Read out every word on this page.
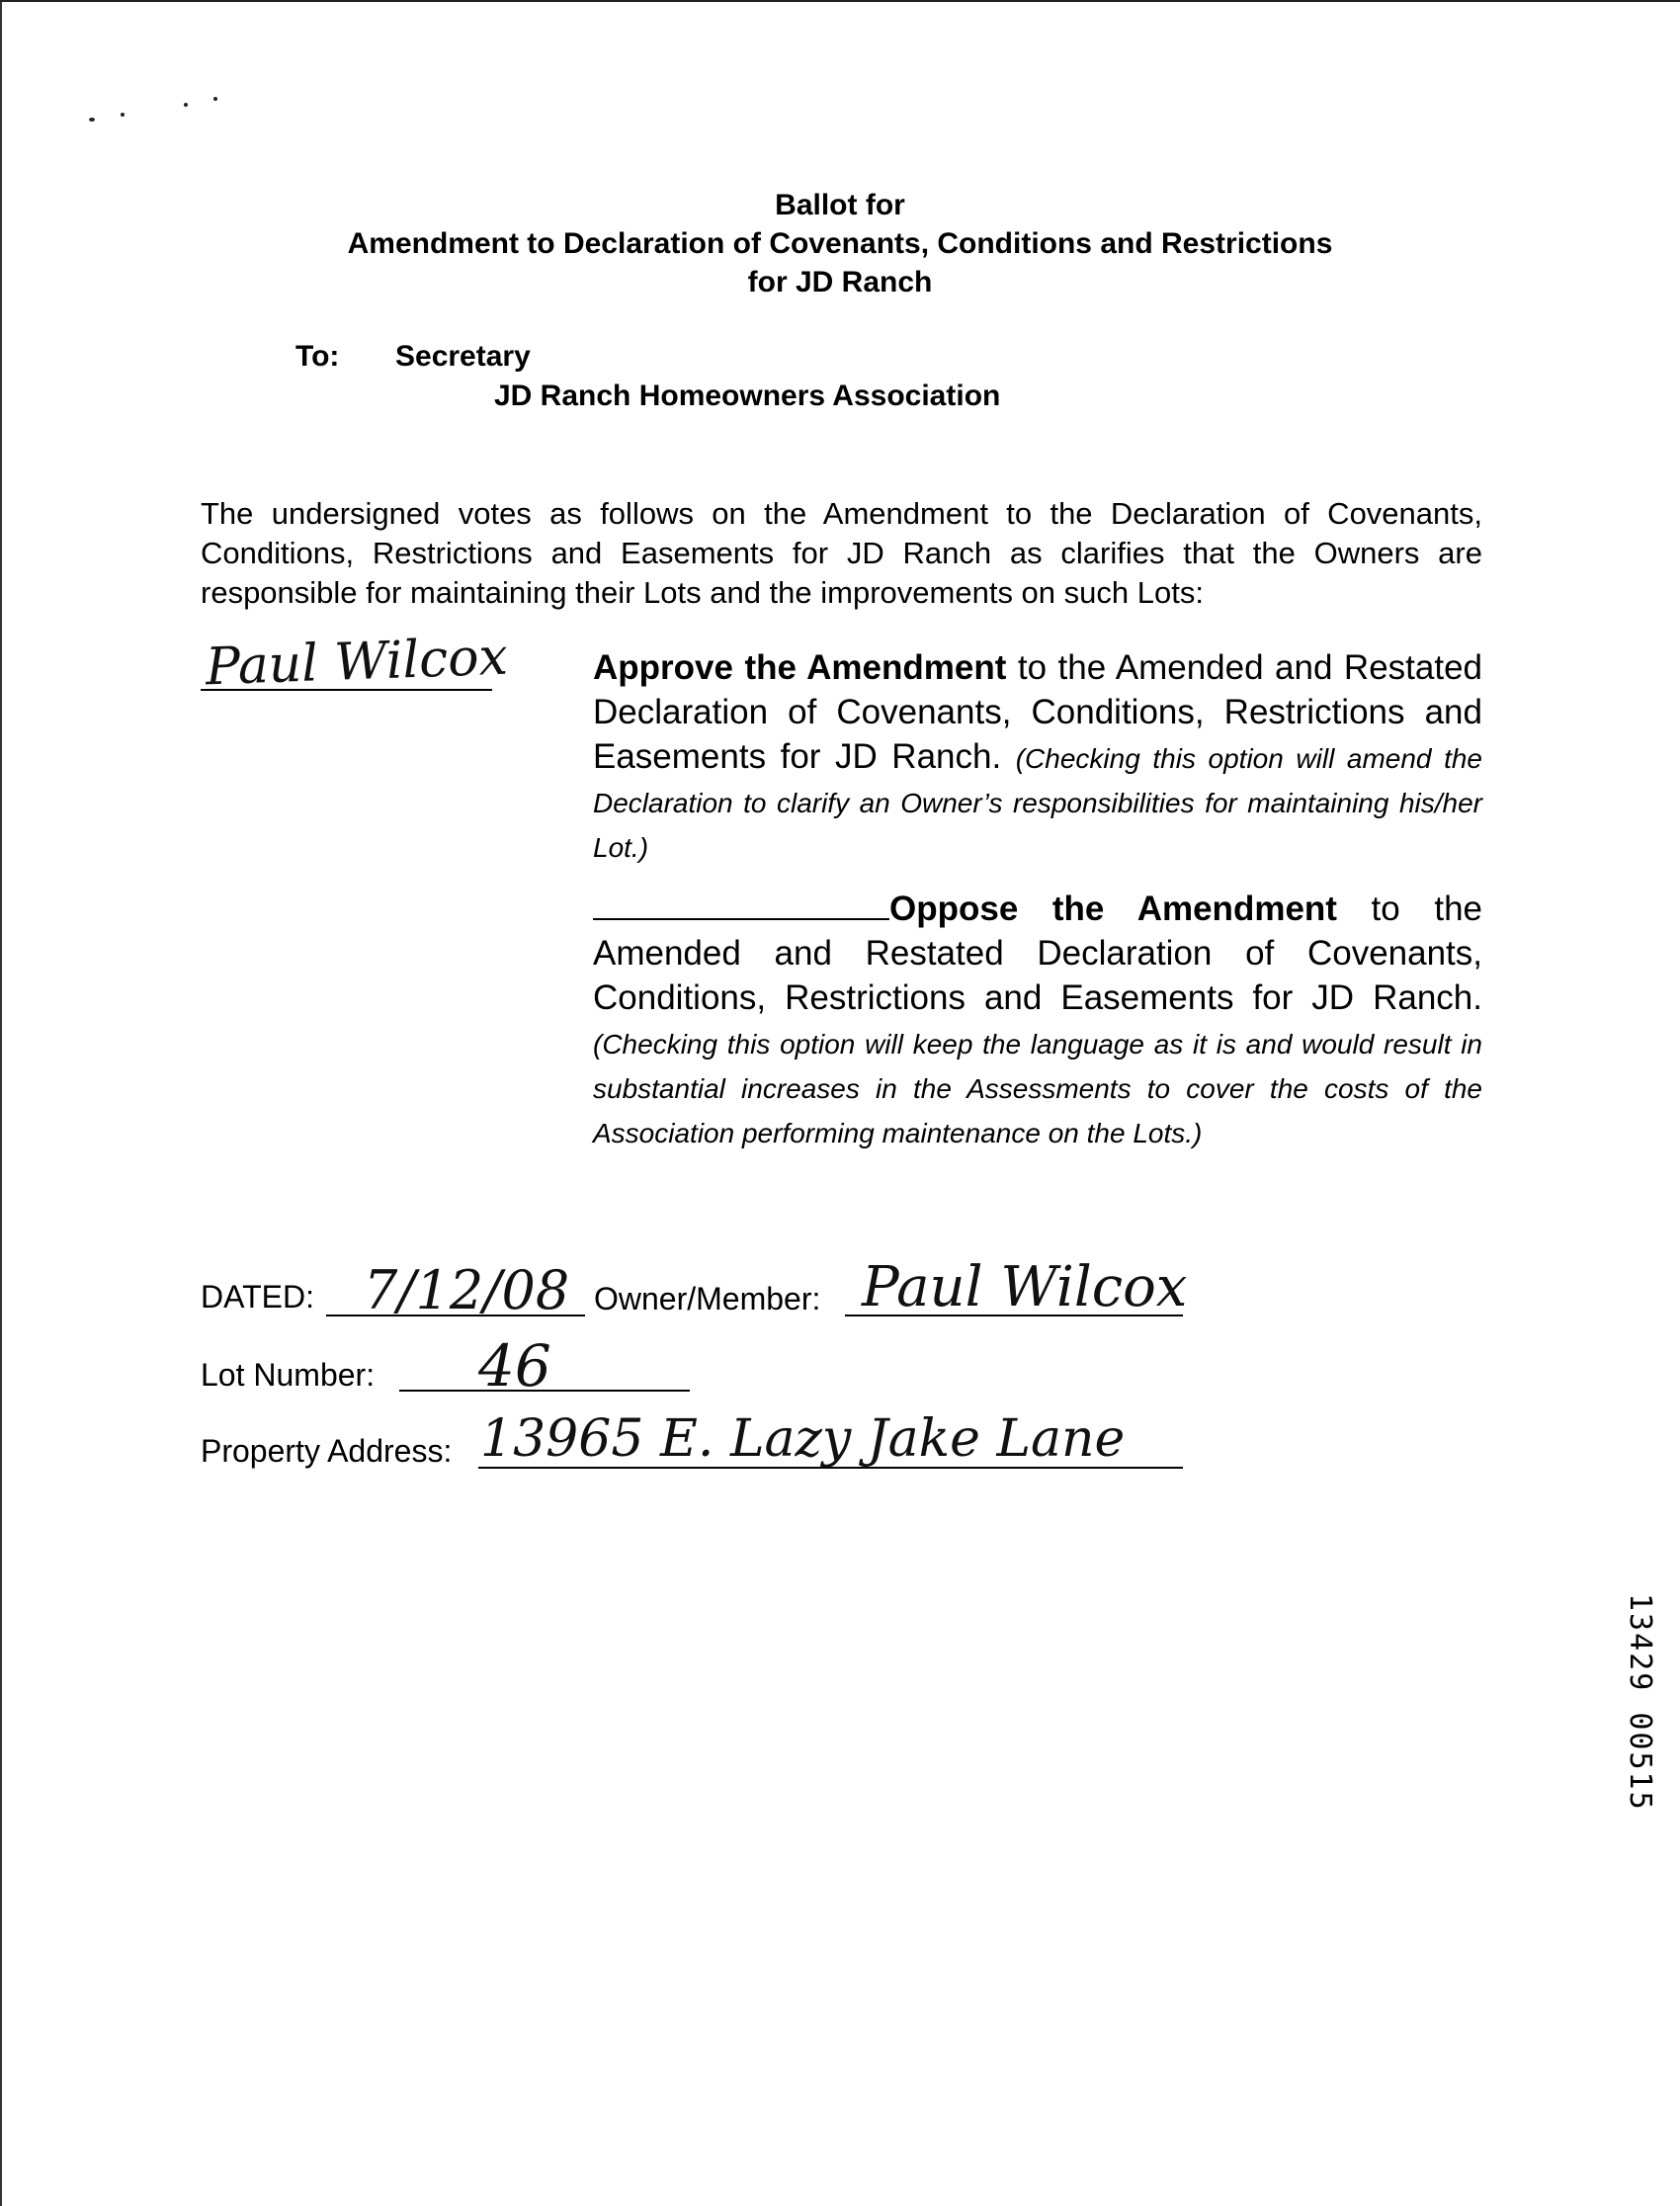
Ballot for
Amendment to Declaration of Covenants, Conditions and Restrictions
for JD Ranch
To: Secretary
JD Ranch Homeowners Association
The undersigned votes as follows on the Amendment to the Declaration of Covenants, Conditions, Restrictions and Easements for JD Ranch as clarifies that the Owners are responsible for maintaining their Lots and the improvements on such Lots:
Paul Wilcox Approve the Amendment to the Amended and Restated Declaration of Covenants, Conditions, Restrictions and Easements for JD Ranch. (Checking this option will amend the Declaration to clarify an Owner’s responsibilities for maintaining his/her Lot.)
Oppose the Amendment to the Amended and Restated Declaration of Covenants, Conditions, Restrictions and Easements for JD Ranch. (Checking this option will keep the language as it is and would result in substantial increases in the Assessments to cover the costs of the Association performing maintenance on the Lots.)
DATED: 7/12/08 Owner/Member: Paul Wilcox
Lot Number: 46
Property Address: 13965 E. Lazy Jake Lane
13429 00515
